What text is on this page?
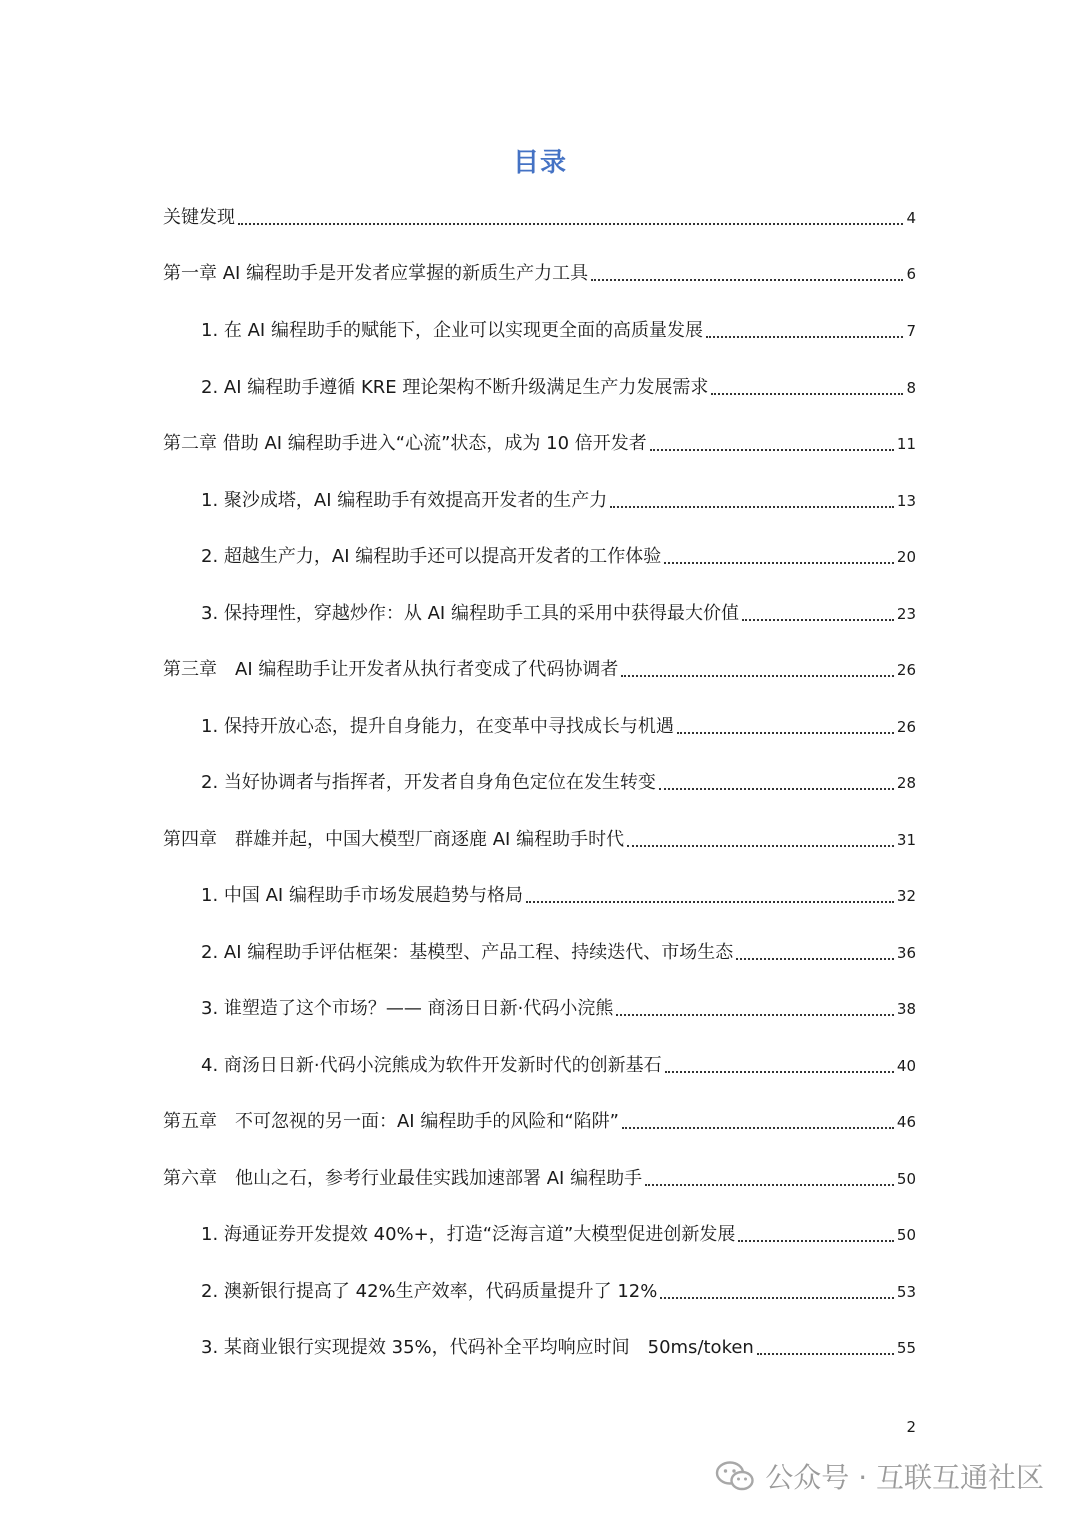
目录
关键发现	4
第一章 AI 编程助手是开发者应掌握的新质生产力工具	6
1. 在 AI 编程助手的赋能下，企业可以实现更全面的高质量发展	7
2. AI 编程助手遵循 KRE 理论架构不断升级满足生产力发展需求	8
第二章 借助 AI 编程助手进入“心流”状态，成为 10 倍开发者	11
1. 聚沙成塔，AI 编程助手有效提高开发者的生产力	13
2. 超越生产力，AI 编程助手还可以提高开发者的工作体验	20
3. 保持理性，穿越炒作：从 AI 编程助手工具的采用中获得最大价值	23
第三章　AI 编程助手让开发者从执行者变成了代码协调者	26
1. 保持开放心态，提升自身能力，在变革中寻找成长与机遇	26
2. 当好协调者与指挥者，开发者自身角色定位在发生转变	28
第四章　群雄并起，中国大模型厂商逐鹿 AI 编程助手时代	31
1. 中国 AI 编程助手市场发展趋势与格局	32
2. AI 编程助手评估框架：基模型、产品工程、持续迭代、市场生态	36
3. 谁塑造了这个市场？—— 商汤日日新·代码小浣熊	38
4. 商汤日日新·代码小浣熊成为软件开发新时代的创新基石	40
第五章　不可忽视的另一面：AI 编程助手的风险和“陷阱”	46
第六章　他山之石，参考行业最佳实践加速部署 AI 编程助手	50
1. 海通证券开发提效 40%+，打造“泛海言道”大模型促进创新发展	50
2. 澳新银行提高了 42%生产效率，代码质量提升了 12%	53
3. 某商业银行实现提效 35%，代码补全平均响应时间　50ms/token	55
2
公众号 · 互联互通社区
